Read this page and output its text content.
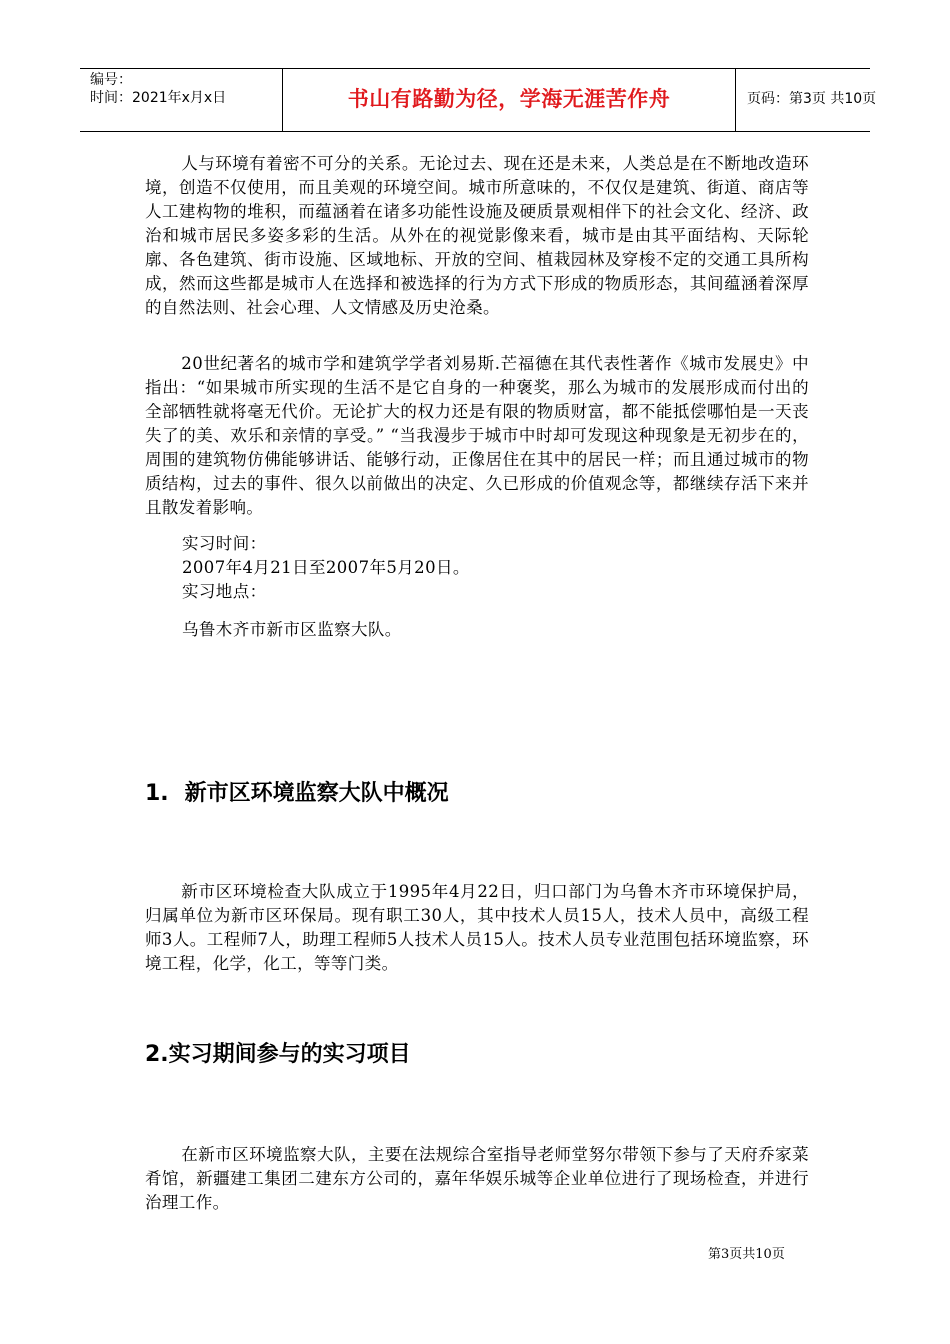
编号：
时间：2021年x月x日	书山有路勤为径，学海无涯苦作舟	页码：第3页 共10页

人与环境有着密不可分的关系。无论过去、现在还是未来，人类总是在不断地改造环境，创造不仅使用，而且美观的环境空间。城市所意味的，不仅仅是建筑、街道、商店等人工建构物的堆积，而蕴涵着在诸多功能性设施及硬质景观相伴下的社会文化、经济、政治和城市居民多姿多彩的生活。从外在的视觉影像来看，城市是由其平面结构、天际轮廓、各色建筑、街市设施、区域地标、开放的空间、植栽园林及穿梭不定的交通工具所构成，然而这些都是城市人在选择和被选择的行为方式下形成的物质形态，其间蕴涵着深厚的自然法则、社会心理、人文情感及历史沧桑。

20世纪著名的城市学和建筑学学者刘易斯.芒福德在其代表性著作《城市发展史》中指出：“如果城市所实现的生活不是它自身的一种褒奖，那么为城市的发展形成而付出的全部牺牲就将毫无代价。无论扩大的权力还是有限的物质财富，都不能抵偿哪怕是一天丧失了的美、欢乐和亲情的享受。” “当我漫步于城市中时却可发现这种现象是无初步在的，周围的建筑物仿佛能够讲话、能够行动，正像居住在其中的居民一样；而且通过城市的物质结构，过去的事件、很久以前做出的决定、久已形成的价值观念等，都继续存活下来并且散发着影响。

实习时间：
2007年4月21日至2007年5月20日。
实习地点：
乌鲁木齐市新市区监察大队。
1. 新市区环境监察大队中概况

新市区环境检查大队成立于1995年4月22日，归口部门为乌鲁木齐市环境保护局，归属单位为新市区环保局。现有职工30人，其中技术人员15人，技术人员中，高级工程师3人。工程师7人，助理工程师5人技术人员15人。技术人员专业范围包括环境监察，环境工程，化学，化工，等等门类。

2.实习期间参与的实习项目

在新市区环境监察大队，主要在法规综合室指导老师堂努尔带领下参与了天府乔家菜肴馆，新疆建工集团二建东方公司的，嘉年华娱乐城等企业单位进行了现场检查，并进行治理工作。

第3页共10页
